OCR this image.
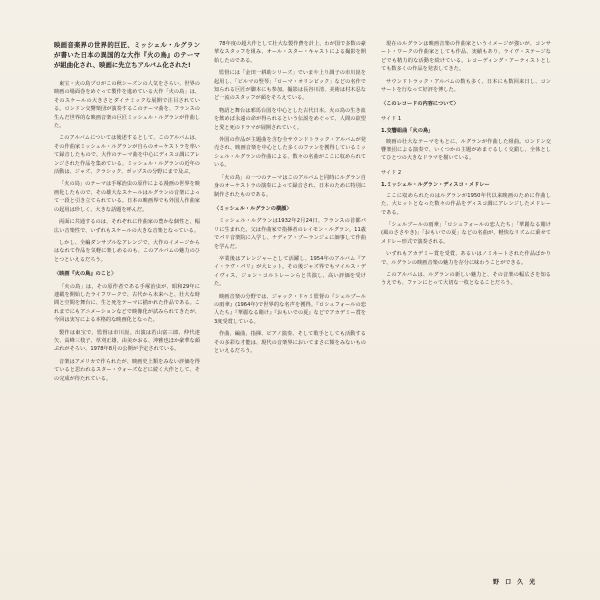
映画音楽界の世界的巨匠、ミッシェル・ルグランが書いた日本の異国的な大作『火の鳥』のテーマが組曲化され、映画に先立ちアルバム化された!

東宝・火の鳥プロがこの秋シーズンの人気をさらい、世界の映画の場面巻をめぐって製作を進めている大作「火の鳥」は、そのスケールの大きさとダイナミックな展開で注目されている。ロンドン交響楽団が演奏するこのテーマ曲を、フランスの生んだ世界的な映画音楽の巨匠ミッシェル・ルグランが作曲した。

このアルバムについては後述するとして、このアルバムは、その作曲家ミッシェル・ルグランが自らのオーケストラを率いて録音したもので、大作のテーマ曲を中心にディスコ調にアレンジされた作品を集めている。ミッシェル・ルグランの近年の活動は、ジャズ、クラシック、ポップスの分野にまで及ぶ。

「火の鳥」のテーマは手塚治虫の原作による漫画の世界を映画化したもので、その雄大なスケールはルグランの音楽によって一段と引き立てられている。日本の映画界でも外国人作曲家の起用は珍しく、大きな話題を呼んだ。

両面に共通するのは、それぞれに作曲家の豊かな個性と、幅広い音楽性で、いずれもスケールの大きな音楽となっている。

しかし、全編ダンサブルなアレンジで、大作のイメージからはなれて作品を気軽に楽しめるのも、このアルバムの魅力のひとつといえるだろう。

〈映画『火の鳥』のこと〉

「火の鳥」は、その原作者である手塚治虫が、昭和29年に連載を開始したライフワークで、古代から未来へと、壮大な時間と空間を舞台に、生と死をテーマに描かれた作品である。これまでにもアニメーションなどで映像化が試みられてきたが、今回は実写による本格的な映画化となった。

製作は東宝で、監督は市川崑。出演は若山富三郎、仲代達矢、高峰三枝子、草刈正雄、由美かおる、沖雅也ほか豪華な顔ぶれがそろい、1978年8月の公開が予定されている。

音楽はアメリカで作られたが、映画史上類をみない評価を得ていると思われるスター・ウォーズなどに続く大作として、その完成が待たれている。

78年度の超大作として壮大な製作費を計上、わが国で多数の豪華なスタッフを組み、オール・スター・キャストによる撮影を開始したのである。

監督には「金田一耕助シリーズ」でいまや上り調子の市川崑を起用し、「ビルマの竪琴」「ローマ・オリンピック」などの名作で知られる巨匠が脚本にも参加。撮影は長谷川清、美術は村木忍など一流のスタッフが顔をそろえている。

物語と舞台は邪馬台国を中心とした古代日本。火の鳥の生き血を飲めば永遠の命が得られるという伝説をめぐって、人間の欲望と愛と死のドラマが展開されていく。

外国の作品が主題曲を含む全サウンドトラック・アルバムが発売され、映画音楽を中心とした多くのファンを獲得しているミッシェル・ルグランの作曲による、数々の名曲がここに収められている。

「火の鳥」の一つのテーマはこのアルバムと同時にルグラン自身のオーケストラの演奏によって録音され、日本のために特別に制作されたものである。

〈ミッシェル・ルグランの横顔〉

ミッシェル・ルグランは1932年2月24日、フランスの首都パリに生まれた。父は作曲家で指揮者のレイモン・ルグラン。11歳でパリ音楽院に入学し、ナディア・ブーランジェに師事して作曲を学んだ。

卒業後はアレンジャーとして活躍し、1954年のアルバム『アイ・ラヴ・パリ』が大ヒット。その後ジャズ界でもマイルス・デイヴィス、ジョン・コルトレーンらと共演し、高い評価を受けた。

映画音楽の分野では、ジャック・ドゥミ監督の『シェルブールの雨傘』(1964年)で世界的な名声を獲得。『ロシュフォールの恋人たち』『華麗なる賭け』『おもいでの夏』などでアカデミー賞を3度受賞している。

作曲、編曲、指揮、ピアノ演奏、そして歌手としても活動するその多彩な才能は、現代の音楽界においてまさに類をみないものといえるだろう。

現在のルグランは映画音楽の作曲家というイメージが強いが、コンサート・ワークの作曲家としても作品、実績もあり、ライヴ・ステージなどでも精力的な活動を続けている。レコーディング・アーティストとしても数多くの作品を発表してきた。

サウンドトラック・アルバムの数も多く、日本にも数回来日し、コンサートを行なって好評を博した。

〈このレコードの内容について〉

サイド 1

1.交響組曲「火の鳥」

映画の壮大なテーマをもとに、ルグランが作曲した組曲。ロンドン交響楽団による演奏で、いくつかの主題がめまぐるしく交錯し、全体としてひとつの大きなドラマを描いている。

サイド 2

1.ミッシェル・ルグラン・ディスコ・メドレー

ここに収められたのはルグランが1950年代以来映画のために作曲した、大ヒットとなった数々の作品をディスコ調にアレンジしたメドレーである。

「シェルブールの雨傘」「ロシュフォールの恋人たち」「華麗なる賭け(風のささやき)」「おもいでの夏」などの名曲が、軽快なリズムに乗せてメドレー形式で演奏される。

いずれもアカデミー賞を受賞、あるいはノミネートされた作品ばかりで、ルグランの映画音楽の魅力を存分に味わうことができる。

このアルバムは、ルグランの新しい魅力と、その音楽の幅広さを知るうえでも、ファンにとって大切な一枚となることだろう。

野 口 久 光
